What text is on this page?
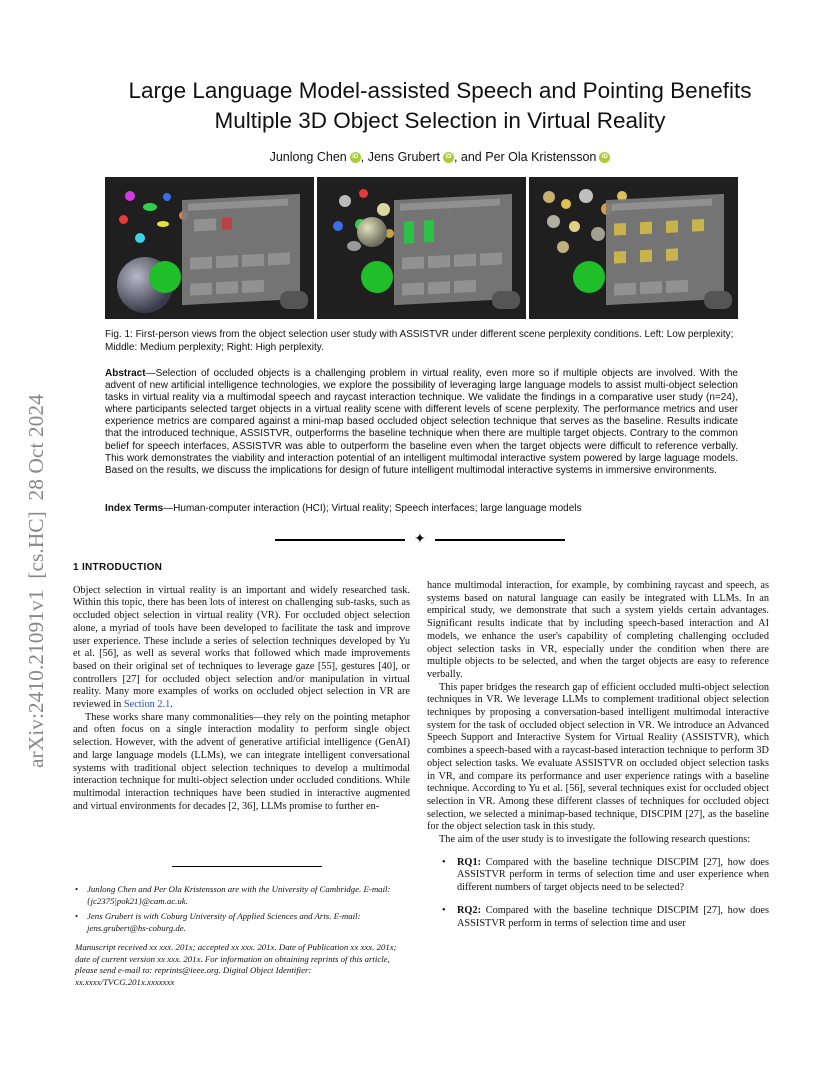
arXiv:2410.21091v1  [cs.HC]  28 Oct 2024
Large Language Model-assisted Speech and Pointing Benefits
Multiple 3D Object Selection in Virtual Reality
Junlong Chen iD , Jens Grubert iD , and Per Ola Kristensson iD
Fig. 1: First-person views from the object selection user study with ASSISTVR under different scene perplexity conditions. Left: Low perplexity; Middle: Medium perplexity; Right: High perplexity.
Abstract—Selection of occluded objects is a challenging problem in virtual reality, even more so if multiple objects are involved. With the advent of new artificial intelligence technologies, we explore the possibility of leveraging large language models to assist multi-object selection tasks in virtual reality via a multimodal speech and raycast interaction technique. We validate the findings in a comparative user study (n=24), where participants selected target objects in a virtual reality scene with different levels of scene perplexity. The performance metrics and user experience metrics are compared against a mini-map based occluded object selection technique that serves as the baseline. Results indicate that the introduced technique, ASSISTVR, outperforms the baseline technique when there are multiple target objects. Contrary to the common belief for speech interfaces, ASSISTVR was able to outperform the baseline even when the target objects were difficult to reference verbally. This work demonstrates the viability and interaction potential of an intelligent multimodal interactive system powered by large laguage models. Based on the results, we discuss the implications for design of future intelligent multimodal interactive systems in immersive environments.
Index Terms—Human-computer interaction (HCI); Virtual reality; Speech interfaces; large language models
✦
1 INTRODUCTION

Object selection in virtual reality is an important and widely researched task. Within this topic, there has been lots of interest on challenging sub-tasks, such as occluded object selection in virtual reality (VR). For occluded object selection alone, a myriad of tools have been developed to facilitate the task and improve user experience. These include a series of selection techniques developed by Yu et al. [56], as well as several works that followed which made improvements based on their original set of techniques to leverage gaze [55], gestures [40], or controllers [27] for occluded object selection and/or manipulation in virtual reality. Many more examples of works on occluded object selection in VR are reviewed in Section 2.1.

These works share many commonalities—they rely on the pointing metaphor and often focus on a single interaction modality to perform single object selection. However, with the advent of generative artificial intelligence (GenAI) and large language models (LLMs), we can integrate intelligent conversational systems with traditional object selection techniques to develop a multimodal interaction technique for multi-object selection under occluded conditions. While multimodal interaction techniques have been studied in interactive augmented and virtual environments for decades [2, 36], LLMs promise to further en-

• Junlong Chen and Per Ola Kristensson are with the University of Cambridge. E-mail: {jc2375|pok21}@cam.ac.uk.
• Jens Grubert is with Coburg University of Applied Sciences and Arts. E-mail: jens.grubert@hs-coburg.de.
Manuscript received xx xxx. 201x; accepted xx xxx. 201x. Date of Publication xx xxx. 201x; date of current version xx xxx. 201x. For information on obtaining reprints of this article, please send e-mail to: reprints@ieee.org. Digital Object Identifier: xx.xxxx/TVCG.201x.xxxxxxx

hance multimodal interaction, for example, by combining raycast and speech, as systems based on natural language can easily be integrated with LLMs. In an empirical study, we demonstrate that such a system yields certain advantages. Significant results indicate that by including speech-based interaction and AI models, we enhance the user's capability of completing challenging occluded object selection tasks in VR, especially under the condition when there are multiple objects to be selected, and when the target objects are easy to reference verbally.

This paper bridges the research gap of efficient occluded multi-object selection techniques in VR. We leverage LLMs to complement traditional object selection techniques by proposing a conversation-based intelligent multimodal interactive system for the task of occluded object selection in VR. We introduce an Advanced Speech Support and Interactive System for Virtual Reality (ASSISTVR), which combines a speech-based with a raycast-based interaction technique to perform 3D object selection tasks. We evaluate ASSISTVR on occluded object selection tasks in VR, and compare its performance and user experience ratings with a baseline technique. According to Yu et al. [56], several techniques exist for occluded object selection in VR. Among these different classes of techniques for occluded object selection, we selected a minimap-based technique, DISCPIM [27], as the baseline for the object selection task in this study.

The aim of the user study is to investigate the following research questions:

• RQ1: Compared with the baseline technique DISCPIM [27], how does ASSISTVR perform in terms of selection time and user experience when different numbers of target objects need to be selected?
• RQ2: Compared with the baseline technique DISCPIM [27], how does ASSISTVR perform in terms of selection time and user
